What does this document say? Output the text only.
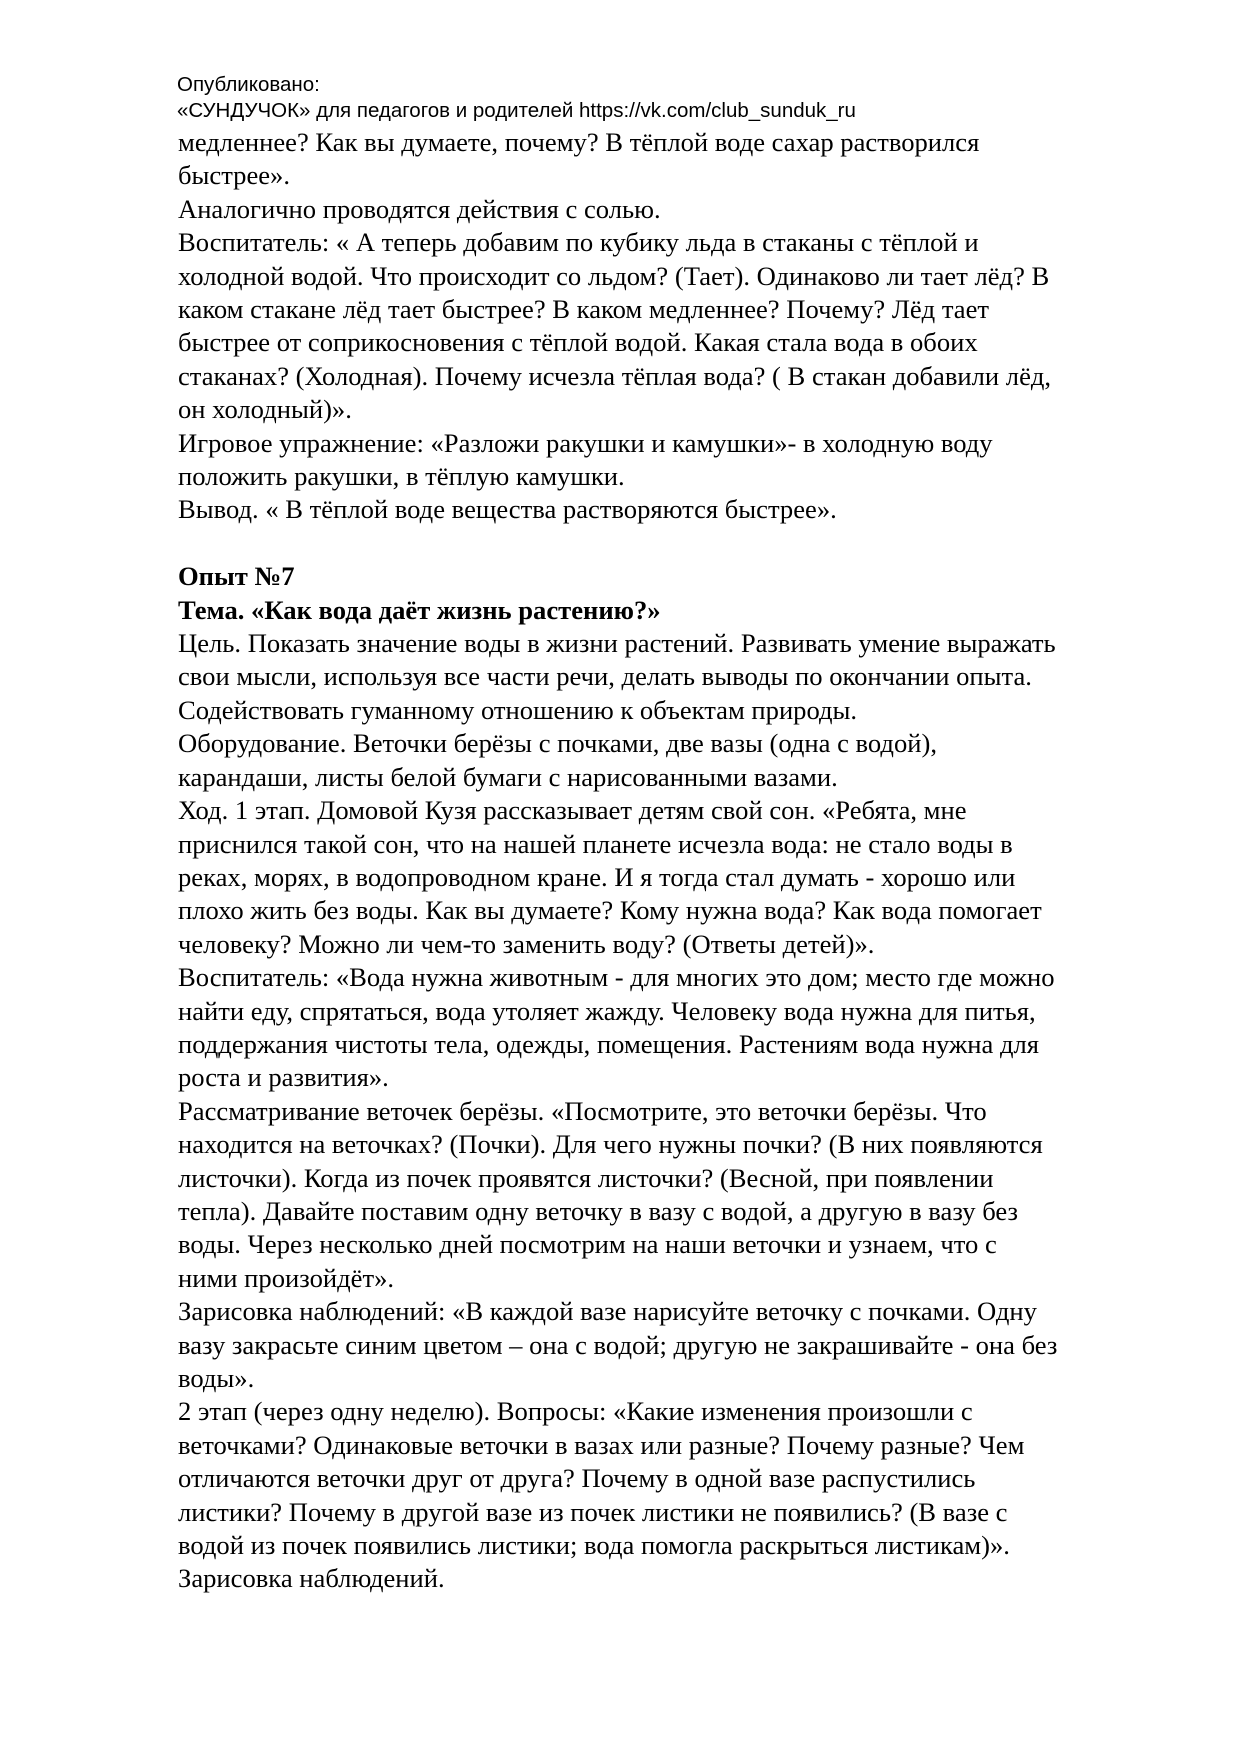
Опубликовано:
«СУНДУЧОК» для педагогов и родителей https://vk.com/club_sunduk_ru

медленнее? Как вы думаете, почему? В тёплой воде сахар растворился
быстрее».
Аналогично проводятся действия с солью.
Воспитатель: « А теперь добавим по кубику льда в стаканы с тёплой и
холодной водой. Что происходит со льдом? (Тает). Одинаково ли тает лёд? В
каком стакане лёд тает быстрее? В каком медленнее? Почему? Лёд тает
быстрее от соприкосновения с тёплой водой. Какая стала вода в обоих
стаканах? (Холодная). Почему исчезла тёплая вода? ( В стакан добавили лёд,
он холодный)».
Игровое упражнение: «Разложи ракушки и камушки»- в холодную воду
положить ракушки, в тёплую камушки.
Вывод. « В тёплой воде вещества растворяются быстрее».
Опыт №7
Тема. «Как вода даёт жизнь растению?»
Цель. Показать значение воды в жизни растений. Развивать умение выражать
свои мысли, используя все части речи, делать выводы по окончании опыта.
Содействовать гуманному отношению к объектам природы.
Оборудование. Веточки берёзы с почками, две вазы (одна с водой),
карандаши, листы белой бумаги с нарисованными вазами.
Ход. 1 этап. Домовой Кузя рассказывает детям свой сон. «Ребята, мне
приснился такой сон, что на нашей планете исчезла вода: не стало воды в
реках, морях, в водопроводном кране. И я тогда стал думать - хорошо или
плохо жить без воды. Как вы думаете? Кому нужна вода? Как вода помогает
человеку? Можно ли чем-то заменить воду? (Ответы детей)».
Воспитатель: «Вода нужна животным - для многих это дом; место где можно
найти еду, спрятаться, вода утоляет жажду. Человеку вода нужна для питья,
поддержания чистоты тела, одежды, помещения. Растениям вода нужна для
роста и развития».
Рассматривание веточек берёзы. «Посмотрите, это веточки берёзы. Что
находится на веточках? (Почки). Для чего нужны почки? (В них появляются
листочки). Когда из почек проявятся листочки? (Весной, при появлении
тепла). Давайте поставим одну веточку в вазу с водой, а другую в вазу без
воды. Через несколько дней посмотрим на наши веточки и узнаем, что с
ними произойдёт».
Зарисовка наблюдений: «В каждой вазе нарисуйте веточку с почками. Одну
вазу закрасьте синим цветом – она с водой; другую не закрашивайте - она без
воды».
2 этап (через одну неделю). Вопросы: «Какие изменения произошли с
веточками? Одинаковые веточки в вазах или разные? Почему разные? Чем
отличаются веточки друг от друга? Почему в одной вазе распустились
листики? Почему в другой вазе из почек листики не появились? (В вазе с
водой из почек появились листики; вода помогла раскрыться листикам)».
Зарисовка наблюдений.
